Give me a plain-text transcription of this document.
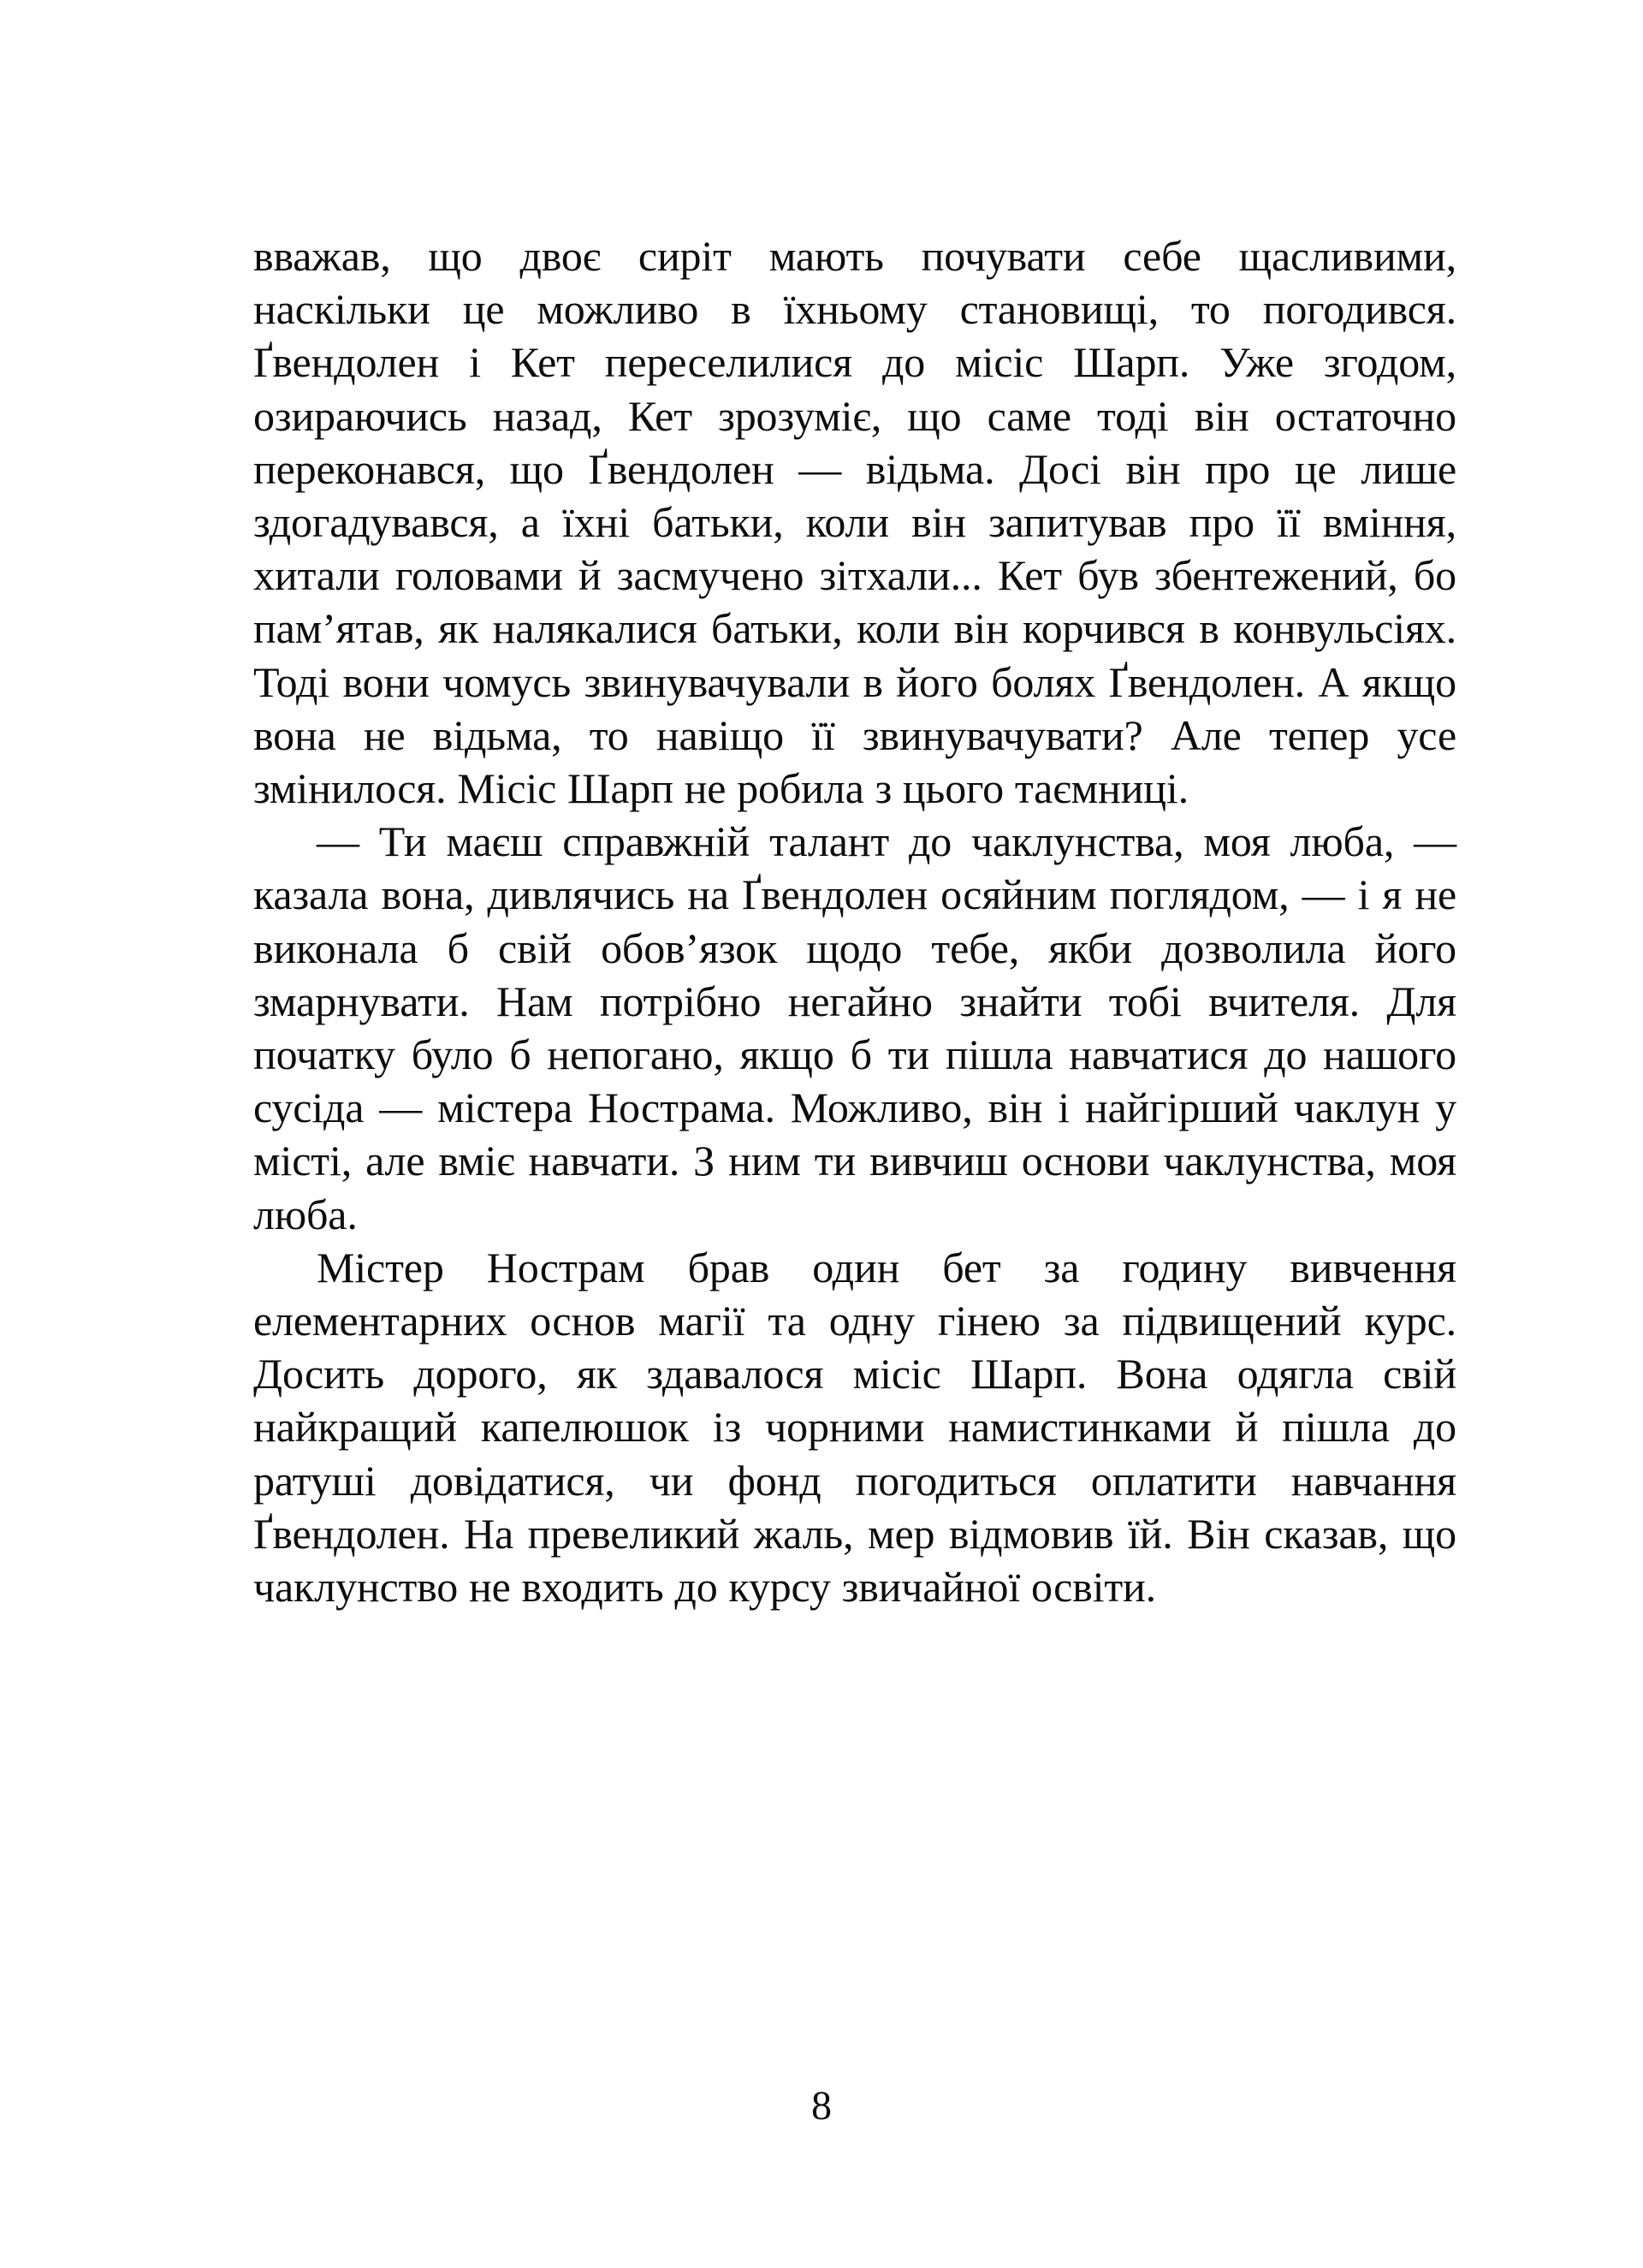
вважав, що двоє сиріт мають почувати себе щасливими, наскільки це можливо в їхньому становищі, то погодився. Ґвендолен і Кет переселилися до місіс Шарп. Уже згодом, озираючись назад, Кет зрозуміє, що саме тоді він остаточно переконався, що Ґвендолен — відьма. Досі він про це лише здогадувався, а їхні батьки, коли він запитував про її вміння, хитали головами й засмучено зітхали... Кет був збентежений, бо пам’ятав, як налякалися батьки, коли він корчився в конвульсіях. Тоді вони чомусь звинувачували в його болях Ґвендолен. А якщо вона не відьма, то навіщо її звинувачувати? Але тепер усе змінилося. Місіс Шарп не робила з цього таємниці.

— Ти маєш справжній талант до чаклунства, моя люба, — казала вона, дивлячись на Ґвендолен осяйним поглядом, — і я не виконала б свій обов’язок щодо тебе, якби дозволила його змарнувати. Нам потрібно негайно знайти тобі вчителя. Для початку було б непогано, якщо б ти пішла навчатися до нашого сусіда — містера Нострама. Можливо, він і найгірший чаклун у місті, але вміє навчати. З ним ти вивчиш основи чаклунства, моя люба.

Містер Нострам брав один бет за годину вивчення елементарних основ магії та одну гінею за підвищений курс. Досить дорого, як здавалося місіс Шарп. Вона одягла свій найкращий капелюшок із чорними намистинками й пішла до ратуші довідатися, чи фонд погодиться оплатити навчання Ґвендолен. На превеликий жаль, мер відмовив їй. Він сказав, що чаклунство не входить до курсу звичайної освіти.

8
